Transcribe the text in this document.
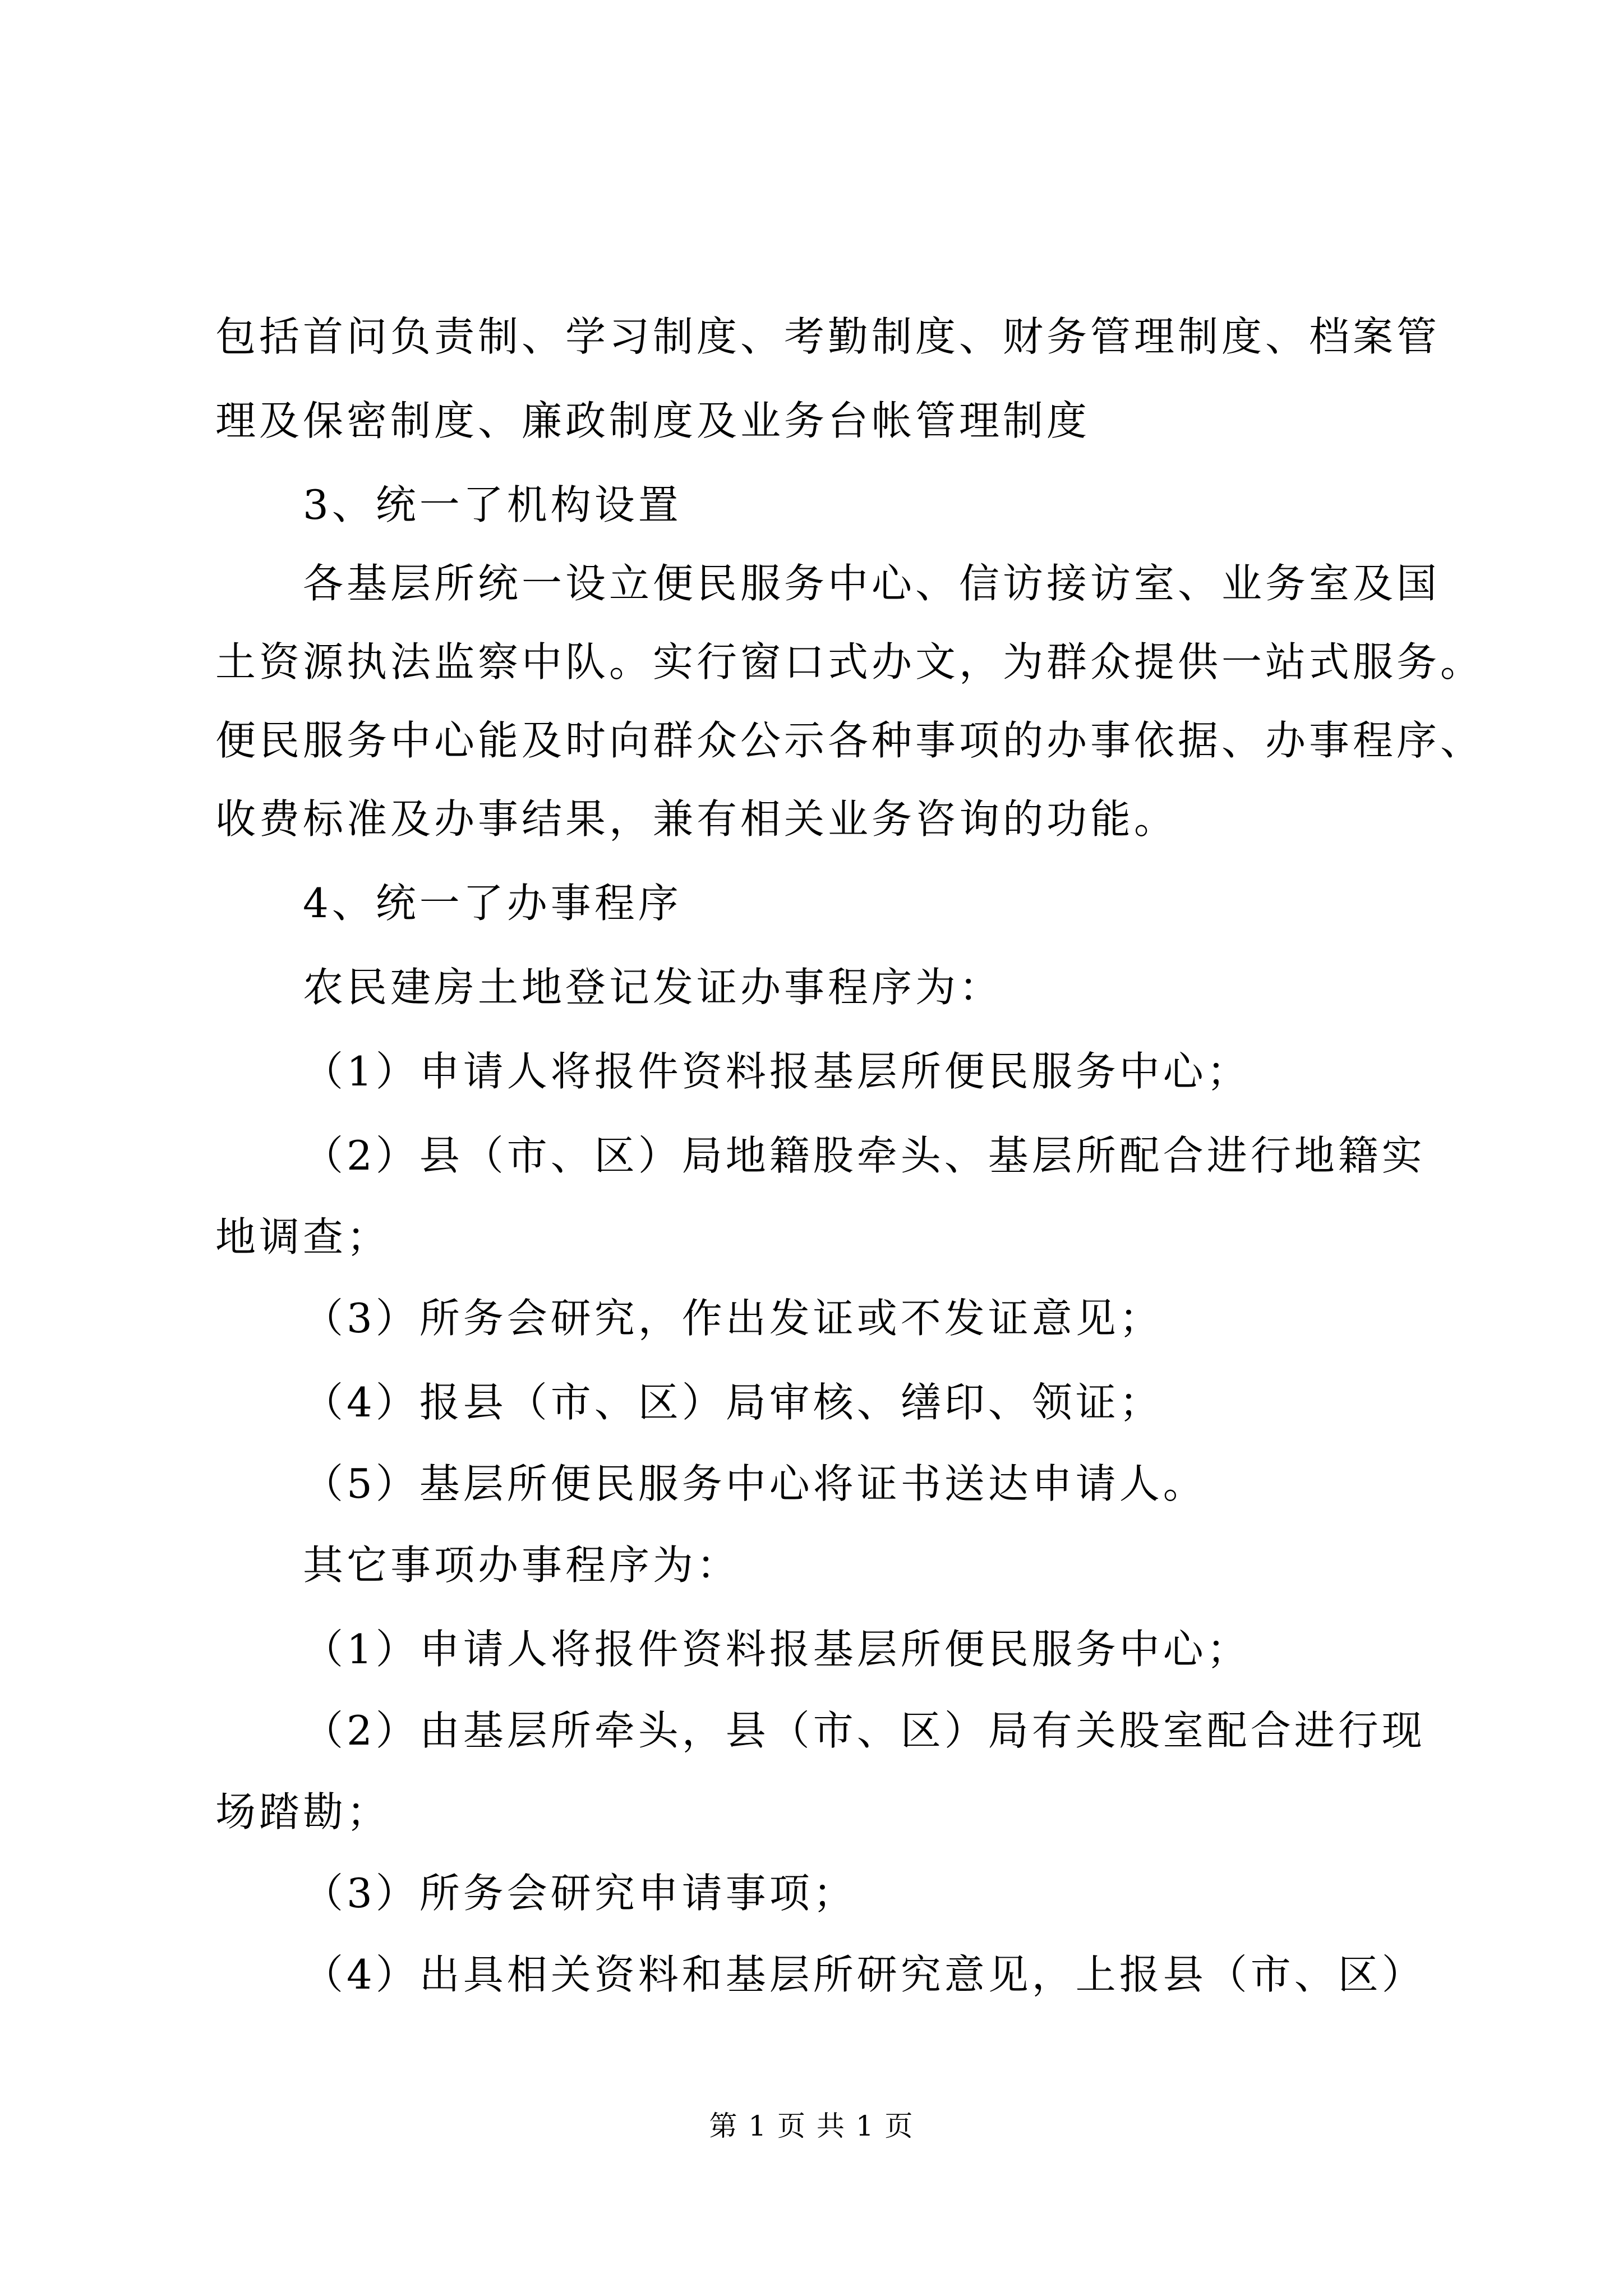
包括首问负责制、学习制度、考勤制度、财务管理制度、档案管
理及保密制度、廉政制度及业务台帐管理制度
3、统一了机构设置
各基层所统一设立便民服务中心、信访接访室、业务室及国
土资源执法监察中队。实行窗口式办文，为群众提供一站式服务。
便民服务中心能及时向群众公示各种事项的办事依据、办事程序、
收费标准及办事结果，兼有相关业务咨询的功能。
4、统一了办事程序
农民建房土地登记发证办事程序为：
（1）申请人将报件资料报基层所便民服务中心；
（2）县（市、区）局地籍股牵头、基层所配合进行地籍实
地调查；
（3）所务会研究，作出发证或不发证意见；
（4）报县（市、区）局审核、缮印、领证；
（5）基层所便民服务中心将证书送达申请人。
其它事项办事程序为：
（1）申请人将报件资料报基层所便民服务中心；
（2）由基层所牵头，县（市、区）局有关股室配合进行现
场踏勘；
（3）所务会研究申请事项；
（4）出具相关资料和基层所研究意见，上报县（市、区）
第 1 页 共 1 页
